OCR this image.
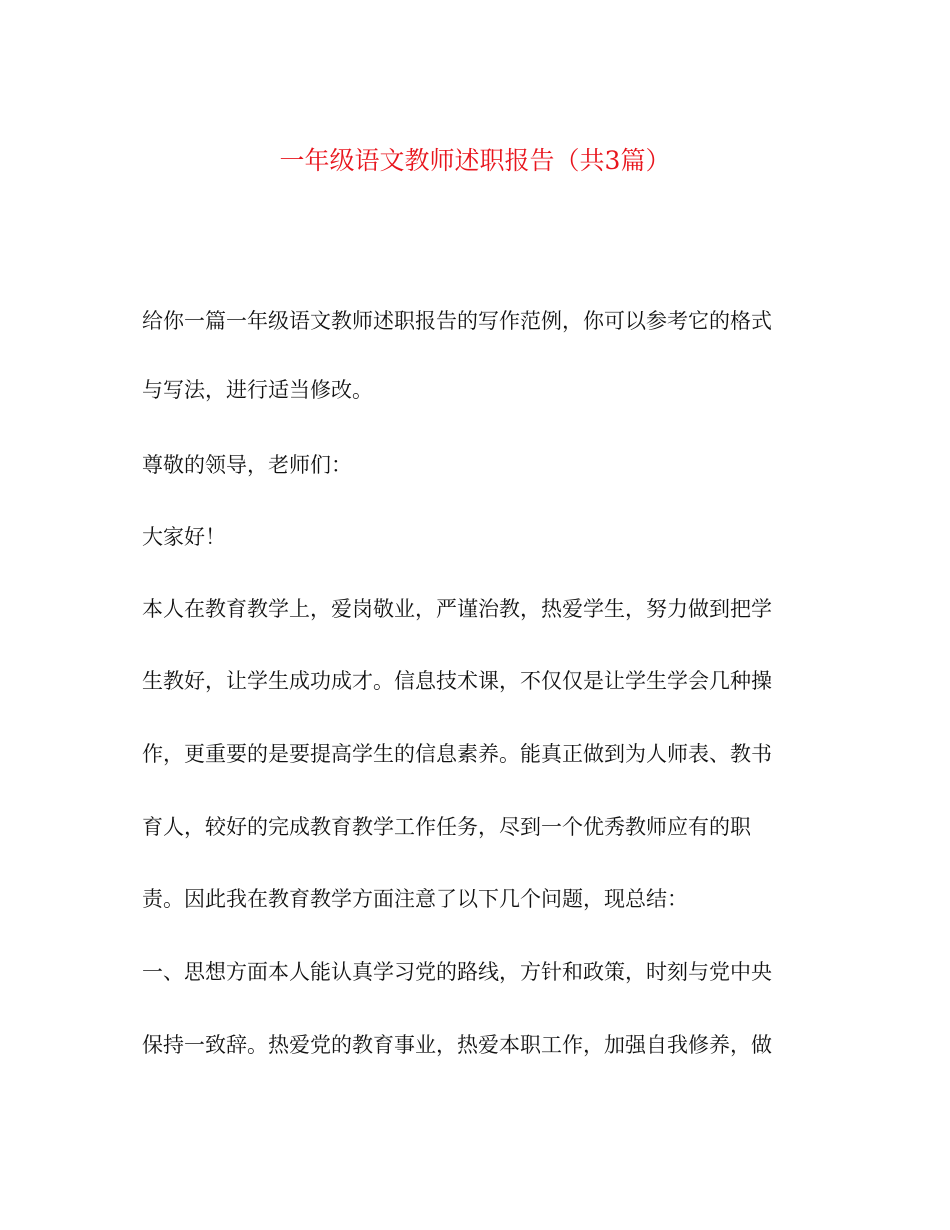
一年级语文教师述职报告（共3篇）

给你一篇一年级语文教师述职报告的写作范例，你可以参考它的格式

与写法，进行适当修改。

尊敬的领导，老师们：

大家好！

本人在教育教学上，爱岗敬业，严谨治教，热爱学生，努力做到把学

生教好，让学生成功成才。信息技术课，不仅仅是让学生学会几种操

作，更重要的是要提高学生的信息素养。能真正做到为人师表、教书

育人，较好的完成教育教学工作任务，尽到一个优秀教师应有的职

责。因此我在教育教学方面注意了以下几个问题，现总结：

一、思想方面本人能认真学习党的路线，方针和政策，时刻与党中央

保持一致辞。热爱党的教育事业，热爱本职工作，加强自我修养，做
